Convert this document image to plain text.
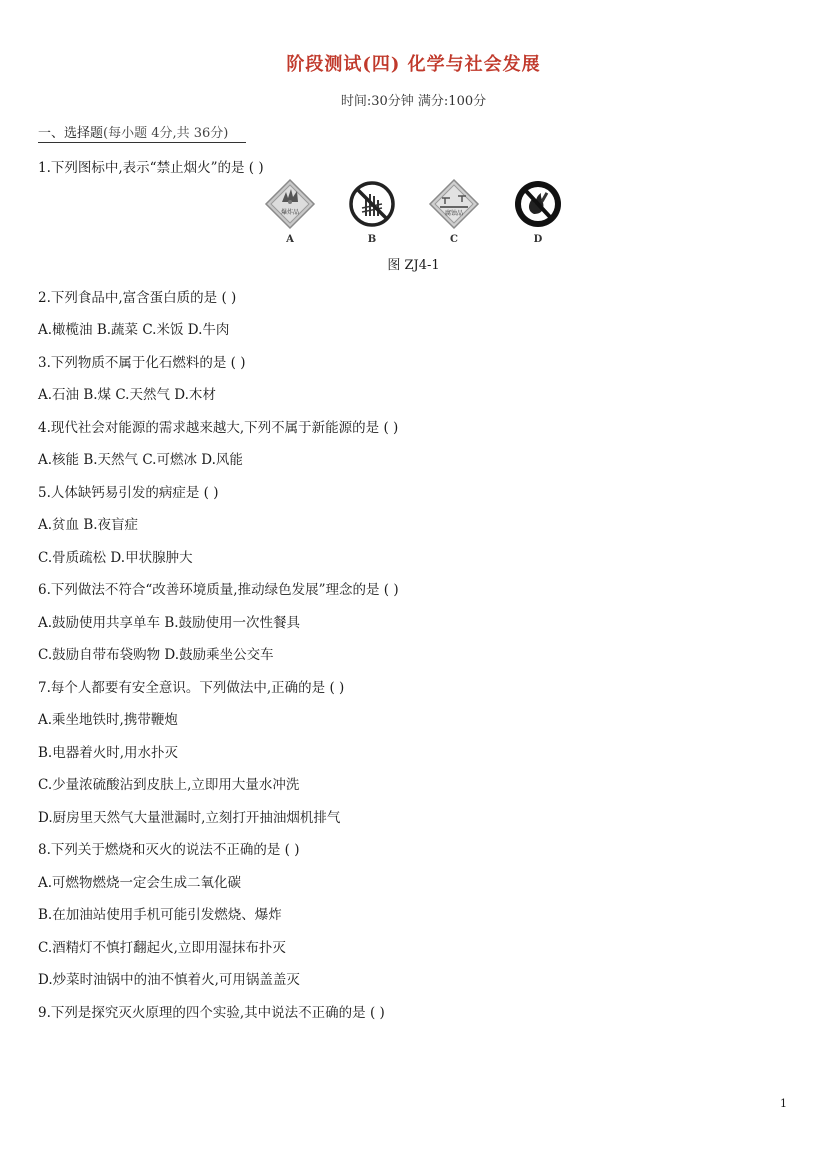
阶段测试(四) 化学与社会发展
时间:30分钟 满分:100分
一、选择题(每小题 4分,共 36分)
1.下列图标中,表示“禁止烟火”的是 ( )
爆炸品
A	B
腐蚀品
C	D
图 ZJ4-1
2.下列食品中,富含蛋白质的是 ( )
A.橄榄油 B.蔬菜 C.米饭 D.牛肉
3.下列物质不属于化石燃料的是 ( )
A.石油 B.煤 C.天然气 D.木材
4.现代社会对能源的需求越来越大,下列不属于新能源的是 ( )
A.核能 B.天然气 C.可燃冰 D.风能
5.人体缺钙易引发的病症是 ( )
A.贫血 B.夜盲症
C.骨质疏松 D.甲状腺肿大
6.下列做法不符合“改善环境质量,推动绿色发展”理念的是 ( )
A.鼓励使用共享单车 B.鼓励使用一次性餐具
C.鼓励自带布袋购物 D.鼓励乘坐公交车
7.每个人都要有安全意识。下列做法中,正确的是 ( )
A.乘坐地铁时,携带鞭炮
B.电器着火时,用水扑灭
C.少量浓硫酸沾到皮肤上,立即用大量水冲洗
D.厨房里天然气大量泄漏时,立刻打开抽油烟机排气
8.下列关于燃烧和灭火的说法不正确的是 ( )
A.可燃物燃烧一定会生成二氧化碳
B.在加油站使用手机可能引发燃烧、爆炸
C.酒精灯不慎打翻起火,立即用湿抹布扑灭
D.炒菜时油锅中的油不慎着火,可用锅盖盖灭
9.下列是探究灭火原理的四个实验,其中说法不正确的是 ( )
1
